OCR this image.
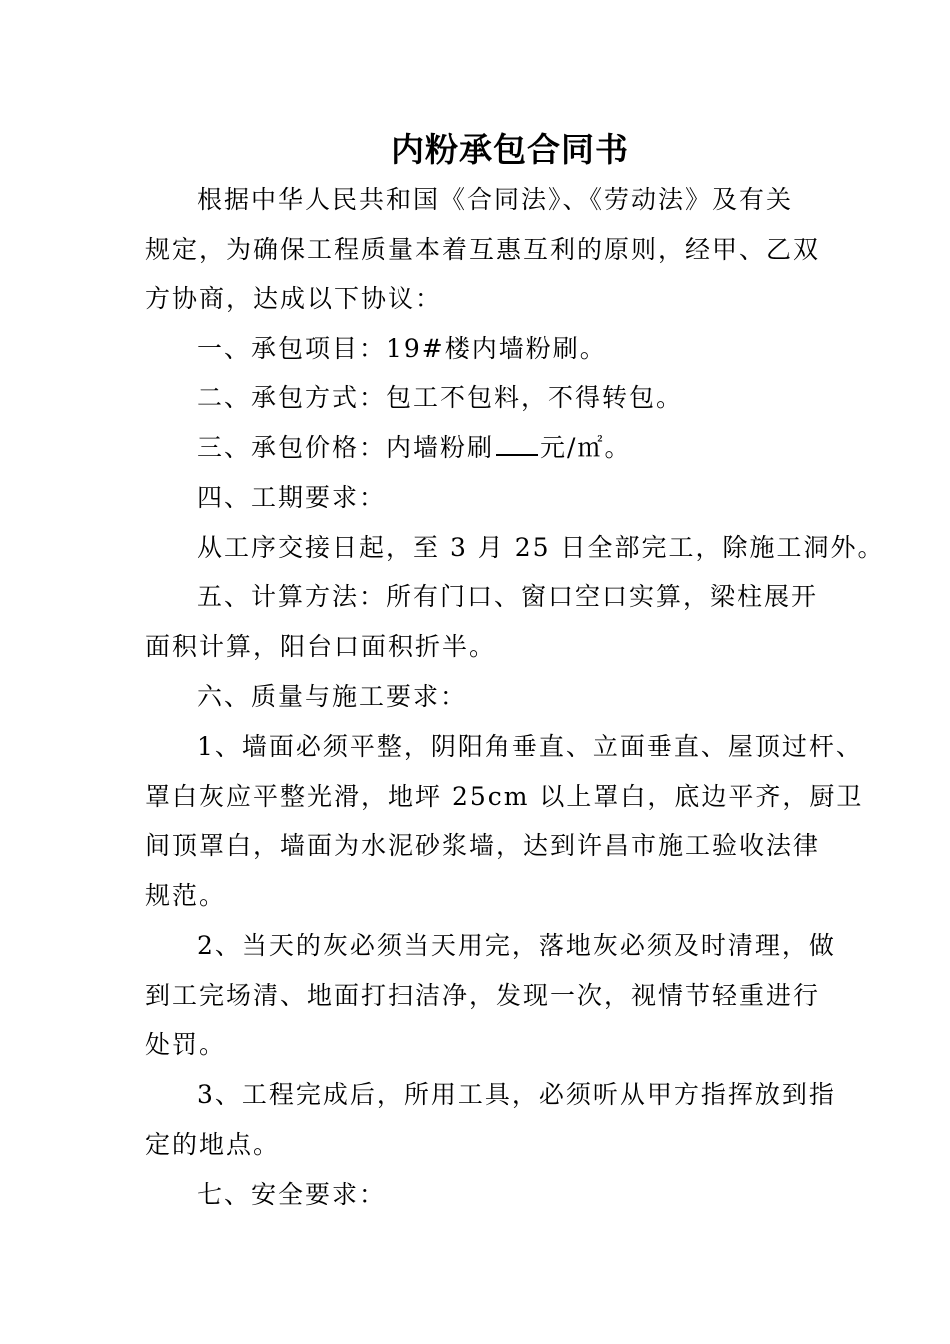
内粉承包合同书
根据中华人民共和国《合同法》、《劳动法》及有关
规定，为确保工程质量本着互惠互利的原则，经甲、乙双
方协商，达成以下协议：
一、承包项目：19#楼内墙粉刷。
二、承包方式：包工不包料，不得转包。
三、承包价格：内墙粉刷 元/㎡。
四、工期要求：
从工序交接日起，至 3 月 25 日全部完工，除施工洞外。
五、计算方法：所有门口、窗口空口实算，梁柱展开
面积计算，阳台口面积折半。
六、质量与施工要求：
1、墙面必须平整，阴阳角垂直、立面垂直、屋顶过杆、
罩白灰应平整光滑，地坪 25cm 以上罩白，底边平齐，厨卫
间顶罩白，墙面为水泥砂浆墙，达到许昌市施工验收法律
规范。
2、当天的灰必须当天用完，落地灰必须及时清理，做
到工完场清、地面打扫洁净，发现一次，视情节轻重进行
处罚。
3、工程完成后，所用工具，必须听从甲方指挥放到指
定的地点。
七、安全要求：
